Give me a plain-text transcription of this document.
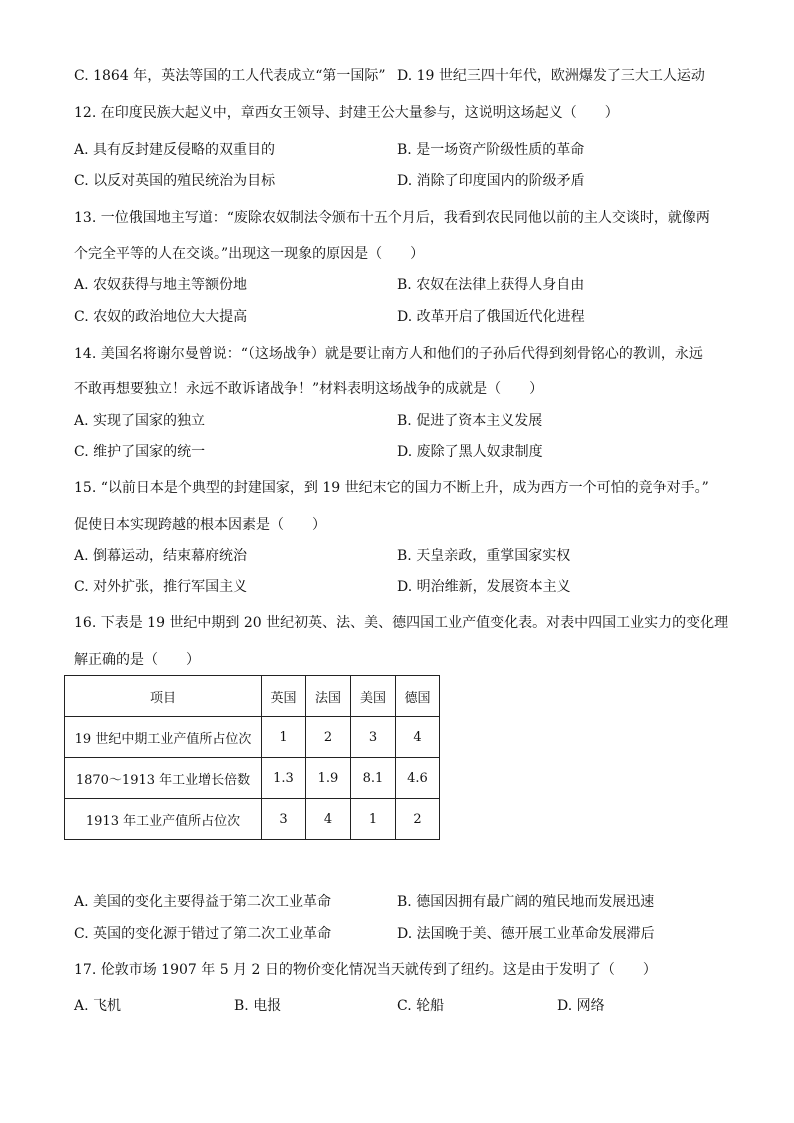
C. 1864 年，英法等国的工人代表成立“第一国际” D. 19 世纪三四十年代，欧洲爆发了三大工人运动
12. 在印度民族大起义中，章西女王领导、封建王公大量参与，这说明这场起义（　　）
A. 具有反封建反侵略的双重目的	B. 是一场资产阶级性质的革命
C. 以反对英国的殖民统治为目标	D. 消除了印度国内的阶级矛盾
13. 一位俄国地主写道：“废除农奴制法令颁布十五个月后，我看到农民同他以前的主人交谈时，就像两
个完全平等的人在交谈。”出现这一现象的原因是（　　）
A. 农奴获得与地主等额份地	B. 农奴在法律上获得人身自由
C. 农奴的政治地位大大提高	D. 改革开启了俄国近代化进程
14. 美国名将谢尔曼曾说：“（这场战争）就是要让南方人和他们的子孙后代得到刻骨铭心的教训，永远
不敢再想要独立！永远不敢诉诸战争！”材料表明这场战争的成就是（　　）
A. 实现了国家的独立	B. 促进了资本主义发展
C. 维护了国家的统一	D. 废除了黑人奴隶制度
15. “以前日本是个典型的封建国家，到 19 世纪末它的国力不断上升，成为西方一个可怕的竞争对手。”
促使日本实现跨越的根本因素是（　　）
A. 倒幕运动，结束幕府统治	B. 天皇亲政，重掌国家实权
C. 对外扩张，推行军国主义	D. 明治维新，发展资本主义
16. 下表是 19 世纪中期到 20 世纪初英、法、美、德四国工业产值变化表。对表中四国工业实力的变化理
解正确的是（　　）
项目	英国	法国	美国	德国
19 世纪中期工业产值所占位次	1	2	3	4
1870～1913 年工业增长倍数	1.3	1.9	8.1	4.6
1913 年工业产值所占位次	3	4	1	2
A. 美国的变化主要得益于第二次工业革命	B. 德国因拥有最广阔的殖民地而发展迅速
C. 英国的变化源于错过了第二次工业革命	D. 法国晚于美、德开展工业革命发展滞后
17. 伦敦市场 1907 年 5 月 2 日的物价变化情况当天就传到了纽约。这是由于发明了（　　）
A. 飞机	B. 电报	C. 轮船	D. 网络
